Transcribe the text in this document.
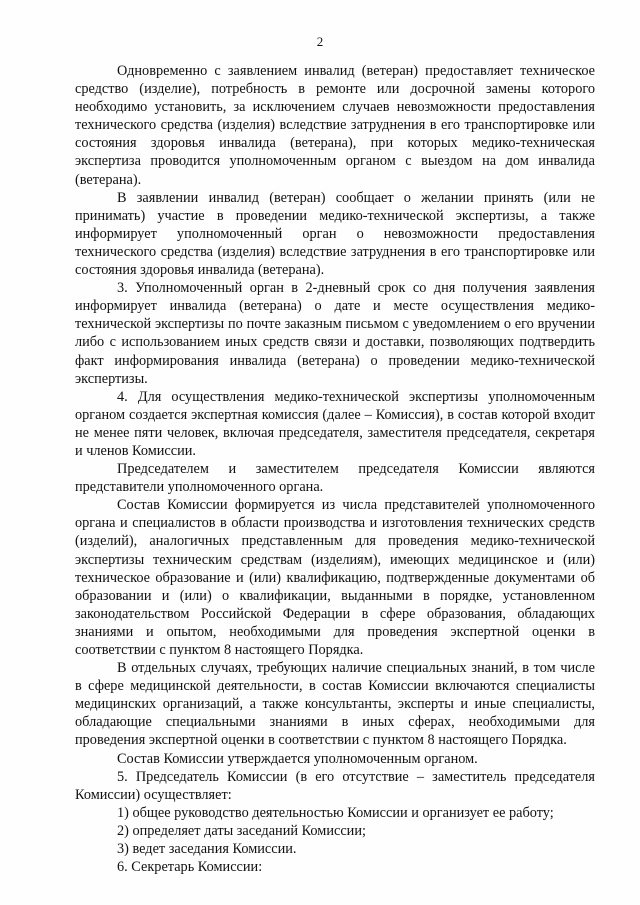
2

Одновременно с заявлением инвалид (ветеран) предоставляет техническое средство (изделие), потребность в ремонте или досрочной замены которого необходимо установить, за исключением случаев невозможности предоставления технического средства (изделия) вследствие затруднения в его транспортировке или состояния здоровья инвалида (ветерана), при которых медико-техническая экспертиза проводится уполномоченным органом с выездом на дом инвалида (ветерана).

В заявлении инвалид (ветеран) сообщает о желании принять (или не принимать) участие в проведении медико-технической экспертизы, а также информирует уполномоченный орган о невозможности предоставления технического средства (изделия) вследствие затруднения в его транспортировке или состояния здоровья инвалида (ветерана).

3. Уполномоченный орган в 2-дневный срок со дня получения заявления информирует инвалида (ветерана) о дате и месте осуществления медико-технической экспертизы по почте заказным письмом с уведомлением о его вручении либо с использованием иных средств связи и доставки, позволяющих подтвердить факт информирования инвалида (ветерана) о проведении медико-технической экспертизы.

4. Для осуществления медико-технической экспертизы уполномоченным органом создается экспертная комиссия (далее – Комиссия), в состав которой входит не менее пяти человек, включая председателя, заместителя председателя, секретаря и членов Комиссии.

Председателем и заместителем председателя Комиссии являются представители уполномоченного органа.

Состав Комиссии формируется из числа представителей уполномоченного органа и специалистов в области производства и изготовления технических средств (изделий), аналогичных представленным для проведения медико-технической экспертизы техническим средствам (изделиям), имеющих медицинское и (или) техническое образование и (или) квалификацию, подтвержденные документами об образовании и (или) о квалификации, выданными в порядке, установленном законодательством Российской Федерации в сфере образования, обладающих знаниями и опытом, необходимыми для проведения экспертной оценки в соответствии с пунктом 8 настоящего Порядка.

В отдельных случаях, требующих наличие специальных знаний, в том числе в сфере медицинской деятельности, в состав Комиссии включаются специалисты медицинских организаций, а также консультанты, эксперты и иные специалисты, обладающие специальными знаниями в иных сферах, необходимыми для проведения экспертной оценки в соответствии с пунктом 8 настоящего Порядка.

Состав Комиссии утверждается уполномоченным органом.

5. Председатель Комиссии (в его отсутствие – заместитель председателя Комиссии) осуществляет:

1) общее руководство деятельностью Комиссии и организует ее работу;

2) определяет даты заседаний Комиссии;

3) ведет заседания Комиссии.

6. Секретарь Комиссии:
